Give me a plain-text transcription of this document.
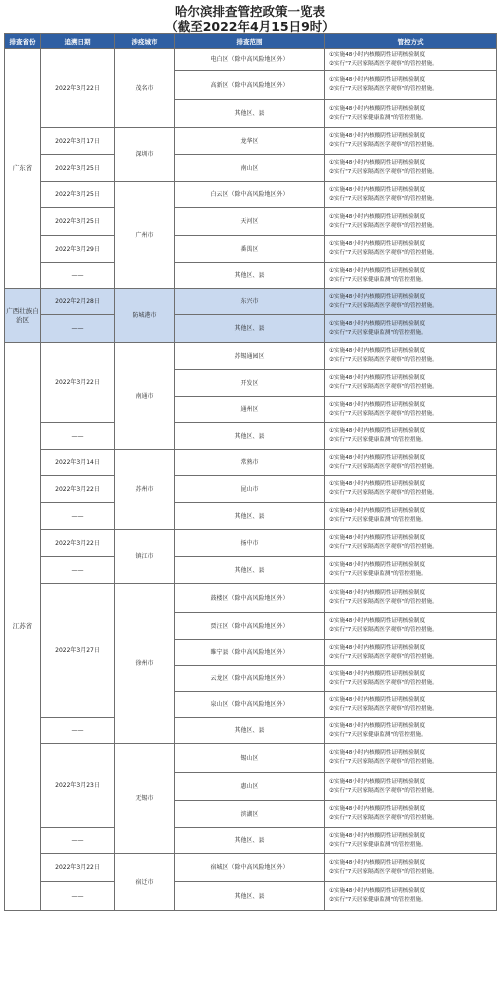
哈尔滨排查管控政策一览表
（截至2022年4月15日9时）
排查省份	追溯日期	涉疫城市	排查范围	管控方式
广东省	2022年3月22日	茂名市	电白区（除中高风险地区外）	①实施48小时内核酸阴性证明核验制度
②实行"7天居家隔离医学观察"的管控措施。

			高新区（除中高风险地区外）	①实施48小时内核酸阴性证明核验制度
②实行"7天居家隔离医学观察"的管控措施。

			其他区、县	①实施48小时内核酸阴性证明核验制度
②实行"7天居家健康监测"的管控措施。

	2022年3月17日	深圳市	龙华区	①实施48小时内核酸阴性证明核验制度
②实行"7天居家隔离医学观察"的管控措施。

	2022年3月25日		南山区	①实施48小时内核酸阴性证明核验制度
②实行"7天居家隔离医学观察"的管控措施。

	2022年3月25日	广州市	白云区（除中高风险地区外）	①实施48小时内核酸阴性证明核验制度
②实行"7天居家隔离医学观察"的管控措施。

	2022年3月25日		天河区	①实施48小时内核酸阴性证明核验制度
②实行"7天居家隔离医学观察"的管控措施。

	2022年3月29日		番禺区	①实施48小时内核酸阴性证明核验制度
②实行"7天居家隔离医学观察"的管控措施。

	——		其他区、县	①实施48小时内核酸阴性证明核验制度
②实行"7天居家健康监测"的管控措施。

广西壮族自治区	2022年2月28日	防城港市	东兴市	①实施48小时内核酸阴性证明核验制度
②实行"7天居家隔离医学观察"的管控措施。

	——		其他区、县	①实施48小时内核酸阴性证明核验制度
②实行"7天居家健康监测"的管控措施。

江苏省	2022年3月22日	南通市	苏锡通园区	①实施48小时内核酸阴性证明核验制度
②实行"7天居家隔离医学观察"的管控措施。

			开发区	①实施48小时内核酸阴性证明核验制度
②实行"7天居家隔离医学观察"的管控措施。

			通州区	①实施48小时内核酸阴性证明核验制度
②实行"7天居家隔离医学观察"的管控措施。

	——		其他区、县	①实施48小时内核酸阴性证明核验制度
②实行"7天居家健康监测"的管控措施。

	2022年3月14日	苏州市	常熟市	①实施48小时内核酸阴性证明核验制度
②实行"7天居家隔离医学观察"的管控措施。

	2022年3月22日		昆山市	①实施48小时内核酸阴性证明核验制度
②实行"7天居家隔离医学观察"的管控措施。

	——		其他区、县	①实施48小时内核酸阴性证明核验制度
②实行"7天居家健康监测"的管控措施。

	2022年3月22日	镇江市	扬中市	①实施48小时内核酸阴性证明核验制度
②实行"7天居家隔离医学观察"的管控措施。

	——		其他区、县	①实施48小时内核酸阴性证明核验制度
②实行"7天居家健康监测"的管控措施。

	2022年3月27日	徐州市	鼓楼区（除中高风险地区外）	①实施48小时内核酸阴性证明核验制度
②实行"7天居家隔离医学观察"的管控措施。

			贾汪区（除中高风险地区外）	①实施48小时内核酸阴性证明核验制度
②实行"7天居家隔离医学观察"的管控措施。

			睢宁县（除中高风险地区外）	①实施48小时内核酸阴性证明核验制度
②实行"7天居家隔离医学观察"的管控措施。

			云龙区（除中高风险地区外）	①实施48小时内核酸阴性证明核验制度
②实行"7天居家隔离医学观察"的管控措施。

			泉山区（除中高风险地区外）	①实施48小时内核酸阴性证明核验制度
②实行"7天居家隔离医学观察"的管控措施。

	——		其他区、县	①实施48小时内核酸阴性证明核验制度
②实行"7天居家健康监测"的管控措施。

	2022年3月23日	无锡市	锡山区	①实施48小时内核酸阴性证明核验制度
②实行"7天居家隔离医学观察"的管控措施。

			惠山区	①实施48小时内核酸阴性证明核验制度
②实行"7天居家隔离医学观察"的管控措施。

			滨湖区	①实施48小时内核酸阴性证明核验制度
②实行"7天居家隔离医学观察"的管控措施。

	——		其他区、县	①实施48小时内核酸阴性证明核验制度
②实行"7天居家健康监测"的管控措施。

	2022年3月22日	宿迁市	宿城区（除中高风险地区外）	①实施48小时内核酸阴性证明核验制度
②实行"7天居家隔离医学观察"的管控措施。

	——		其他区、县	①实施48小时内核酸阴性证明核验制度
②实行"7天居家健康监测"的管控措施。
